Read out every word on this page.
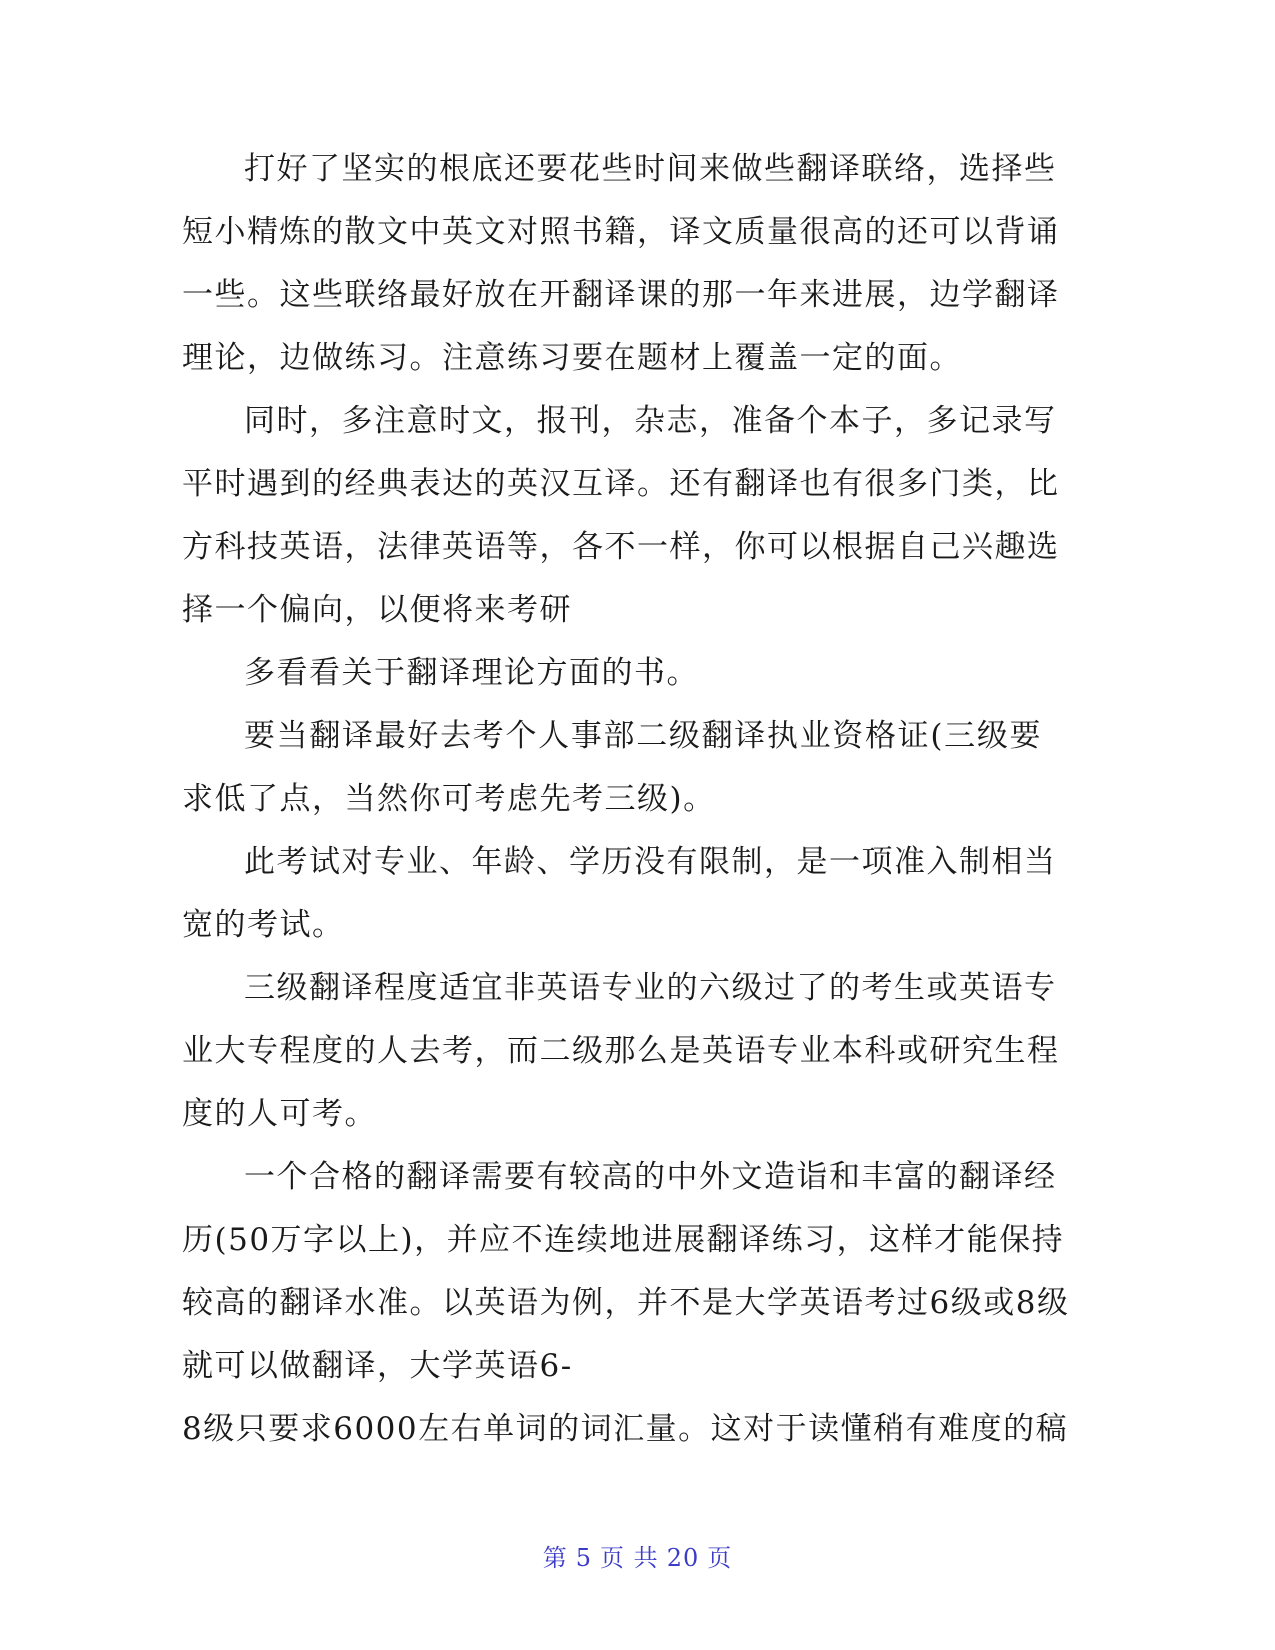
打好了坚实的根底还要花些时间来做些翻译联络，选择些
短小精炼的散文中英文对照书籍，译文质量很高的还可以背诵
一些。这些联络最好放在开翻译课的那一年来进展，边学翻译
理论，边做练习。注意练习要在题材上覆盖一定的面。
同时，多注意时文，报刊，杂志，准备个本子，多记录写
平时遇到的经典表达的英汉互译。还有翻译也有很多门类，比
方科技英语，法律英语等，各不一样，你可以根据自己兴趣选
择一个偏向，以便将来考研
多看看关于翻译理论方面的书。
要当翻译最好去考个人事部二级翻译执业资格证(三级要
求低了点，当然你可考虑先考三级)。
此考试对专业、年龄、学历没有限制，是一项准入制相当
宽的考试。
三级翻译程度适宜非英语专业的六级过了的考生或英语专
业大专程度的人去考，而二级那么是英语专业本科或研究生程
度的人可考。
一个合格的翻译需要有较高的中外文造诣和丰富的翻译经
历(50万字以上)，并应不连续地进展翻译练习，这样才能保持
较高的翻译水准。以英语为例，并不是大学英语考过6级或8级
就可以做翻译，大学英语6-
8级只要求6000左右单词的词汇量。这对于读懂稍有难度的稿
第 5 页 共 20 页
